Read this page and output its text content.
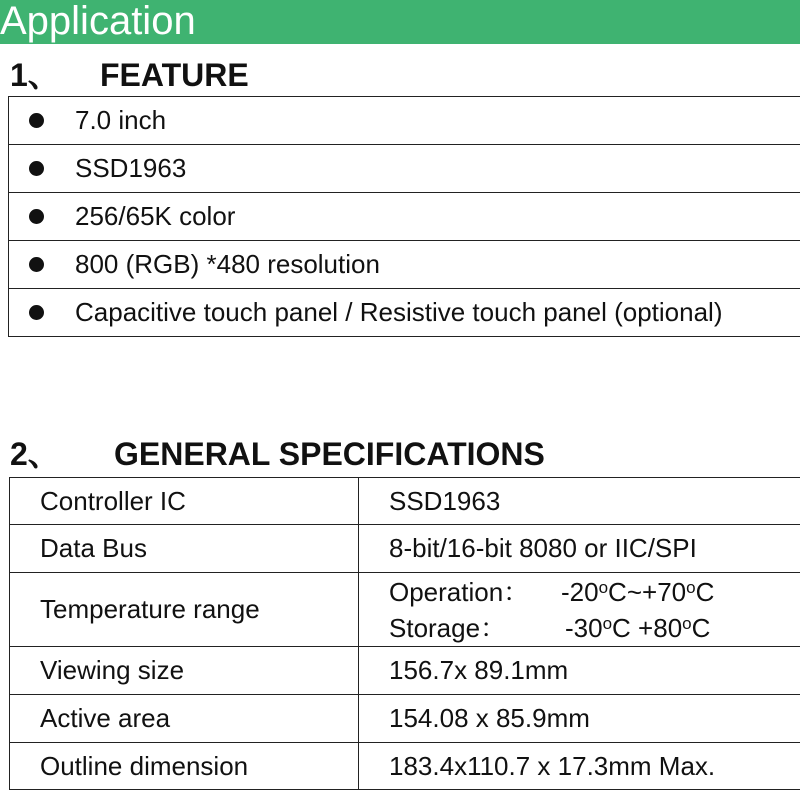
Application
1、 FEATURE
	7.0 inch

	SSD1963

	256/65K color

	800 (RGB) *480 resolution

	Capacitive touch panel / Resistive touch panel (optional)
2、 GENERAL SPECIFICATIONS
Controller IC	SSD1963
Data Bus	8-bit/16-bit 8080 or IIC/SPI
Temperature range	Operation： $-20^oC\sim+70^oC$
Storage： $-30^oC +80^oC$

Viewing size	156.7x 89.1mm
Active area	154.08 x 85.9mm
Outline dimension	183.4x110.7 x 17.3mm Max.
